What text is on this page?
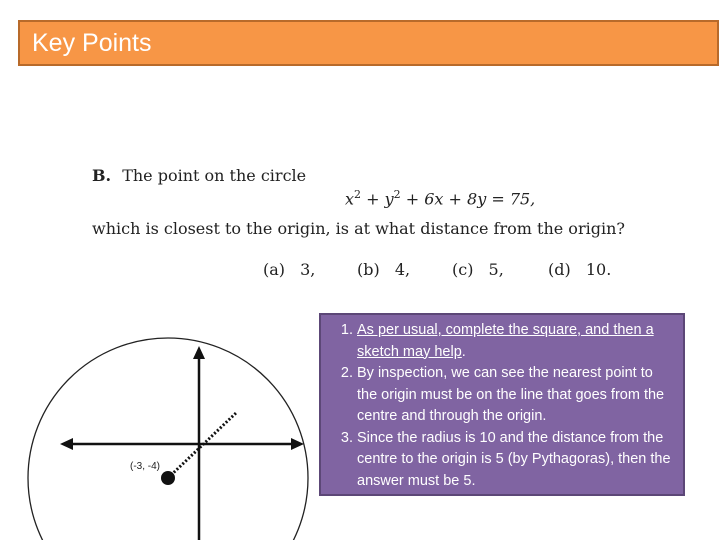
Key Points
B. The point on the circle
$x^2 + y^2 + 6x + 8y = 75$,
which is closest to the origin, is at what distance from the origin?
(a) 3,	(b) 4,	(c) 5,	(d) 10.
(-3, -4)
1. As per usual, complete the square, and then a sketch may help.
2. By inspection, we can see the nearest point to the origin must be on the line that goes from the centre and through the origin.
3. Since the radius is 10 and the distance from the centre to the origin is 5 (by Pythagoras), then the answer must be 5.
